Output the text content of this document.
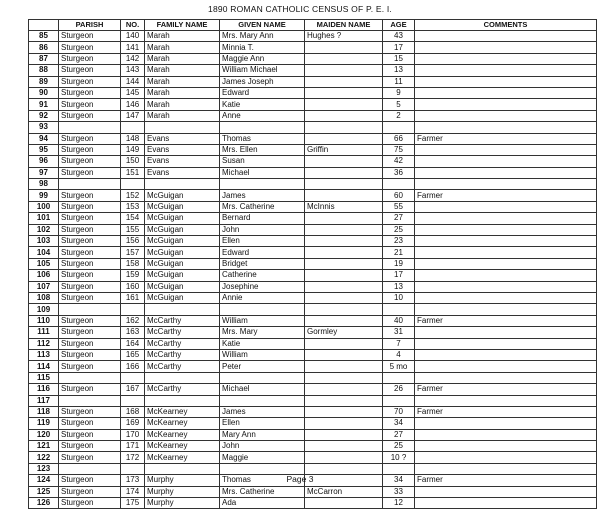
1890 ROMAN CATHOLIC CENSUS OF P. E. I.
	PARISH	NO.	FAMILY NAME	GIVEN NAME	MAIDEN NAME	AGE	COMMENTS
85	Sturgeon	140	Marah	Mrs. Mary Ann	Hughes ?	43	
86	Sturgeon	141	Marah	Minnia T.		17	
87	Sturgeon	142	Marah	Maggie Ann		15	
88	Sturgeon	143	Marah	William Michael		13	
89	Sturgeon	144	Marah	James Joseph		11	
90	Sturgeon	145	Marah	Edward		9	
91	Sturgeon	146	Marah	Katie		5	
92	Sturgeon	147	Marah	Anne		2	
93							
94	Sturgeon	148	Evans	Thomas		66	Farmer
95	Sturgeon	149	Evans	Mrs. Ellen	Griffin	75	
96	Sturgeon	150	Evans	Susan		42	
97	Sturgeon	151	Evans	Michael		36	
98							
99	Sturgeon	152	McGuigan	James		60	Farmer
100	Sturgeon	153	McGuigan	Mrs. Catherine	McInnis	55	
101	Sturgeon	154	McGuigan	Bernard		27	
102	Sturgeon	155	McGuigan	John		25	
103	Sturgeon	156	McGuigan	Ellen		23	
104	Sturgeon	157	McGuigan	Edward		21	
105	Sturgeon	158	McGuigan	Bridget		19	
106	Sturgeon	159	McGuigan	Catherine		17	
107	Sturgeon	160	McGuigan	Josephine		13	
108	Sturgeon	161	McGuigan	Annie		10	
109							
110	Sturgeon	162	McCarthy	William		40	Farmer
111	Sturgeon	163	McCarthy	Mrs. Mary	Gormley	31	
112	Sturgeon	164	McCarthy	Katie		7	
113	Sturgeon	165	McCarthy	William		4	
114	Sturgeon	166	McCarthy	Peter		5 mo	
115							
116	Sturgeon	167	McCarthy	Michael		26	Farmer
117							
118	Sturgeon	168	McKearney	James		70	Farmer
119	Sturgeon	169	McKearney	Ellen		34	
120	Sturgeon	170	McKearney	Mary Ann		27	
121	Sturgeon	171	McKearney	John		25	
122	Sturgeon	172	McKearney	Maggie		10 ?	
123							
124	Sturgeon	173	Murphy	Thomas		34	Farmer
125	Sturgeon	174	Murphy	Mrs. Catherine	McCarron	33	
126	Sturgeon	175	Murphy	Ada		12	
Page 3
